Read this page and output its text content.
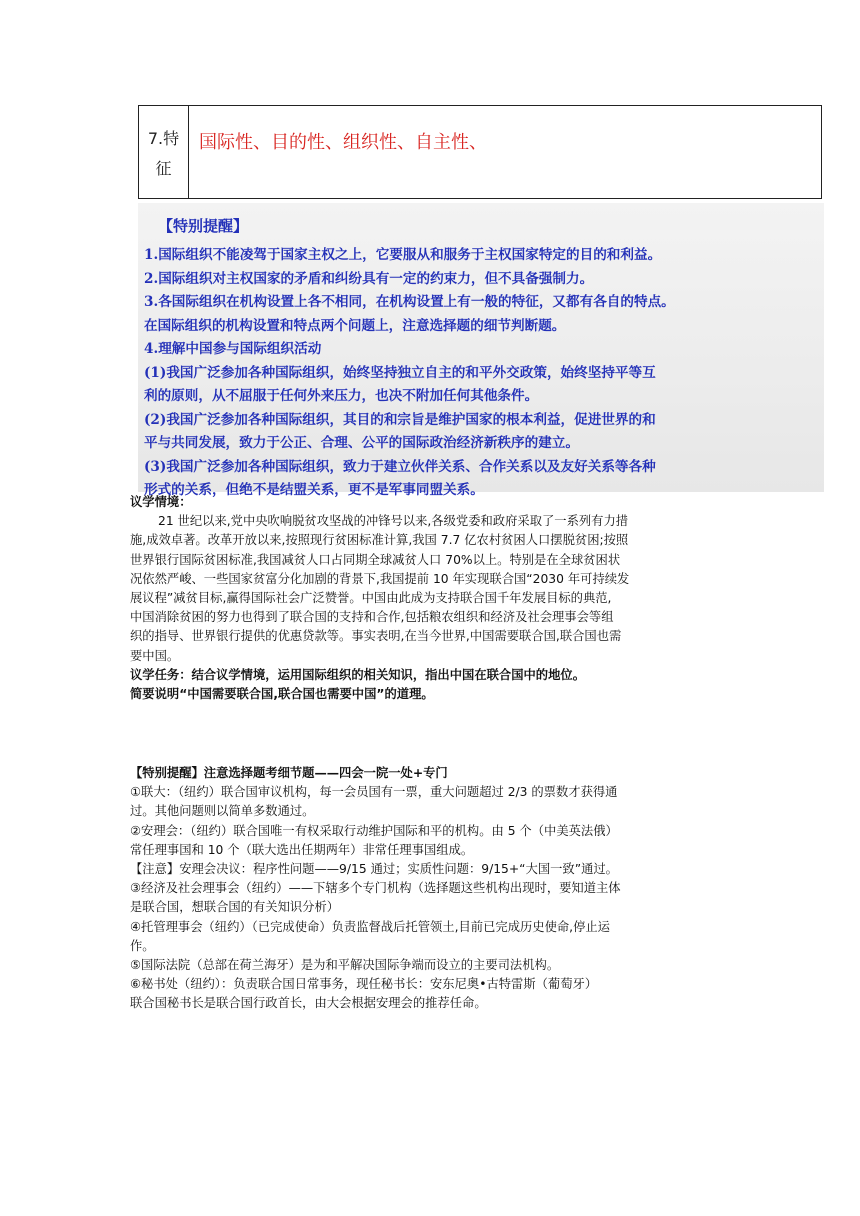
7.特
征
国际性、目的性、组织性、自主性、
【特别提醒】
1.国际组织不能凌驾于国家主权之上，它要服从和服务于主权国家特定的目的和利益。
2.国际组织对主权国家的矛盾和纠纷具有一定的约束力，但不具备强制力。
3.各国际组织在机构设置上各不相同，在机构设置上有一般的特征，又都有各自的特点。
在国际组织的机构设置和特点两个问题上，注意选择题的细节判断题。
4.理解中国参与国际组织活动
(1)我国广泛参加各种国际组织，始终坚持独立自主的和平外交政策，始终坚持平等互
利的原则，从不屈服于任何外来压力，也决不附加任何其他条件。
(2)我国广泛参加各种国际组织，其目的和宗旨是维护国家的根本利益，促进世界的和
平与共同发展，致力于公正、合理、公平的国际政治经济新秩序的建立。
(3)我国广泛参加各种国际组织，致力于建立伙伴关系、合作关系以及友好关系等各种
形式的关系，但绝不是结盟关系，更不是军事同盟关系。

议学情境：

21 世纪以来,党中央吹响脱贫攻坚战的冲锋号以来,各级党委和政府采取了一系列有力措

施,成效卓著。改革开放以来,按照现行贫困标准计算,我国 7.7 亿农村贫困人口摆脱贫困;按照

世界银行国际贫困标准,我国减贫人口占同期全球减贫人口 70%以上。特别是在全球贫困状

况依然严峻、一些国家贫富分化加剧的背景下,我国提前 10 年实现联合国“2030 年可持续发

展议程”减贫目标,赢得国际社会广泛赞誉。中国由此成为支持联合国千年发展目标的典范,

中国消除贫困的努力也得到了联合国的支持和合作,包括粮农组织和经济及社会理事会等组

织的指导、世界银行提供的优惠贷款等。事实表明,在当今世界,中国需要联合国,联合国也需

要中国。

议学任务：结合议学情境，运用国际组织的相关知识，指出中国在联合国中的地位。

简要说明“中国需要联合国,联合国也需要中国”的道理。

【特别提醒】注意选择题考细节题——四会一院一处+专门

①联大：（纽约）联合国审议机构，每一会员国有一票，重大问题超过 2/3 的票数才获得通

过。其他问题则以简单多数通过。

②安理会：（纽约）联合国唯一有权采取行动维护国际和平的机构。由 5 个（中美英法俄）

常任理事国和 10 个（联大选出任期两年）非常任理事国组成。

【注意】安理会决议：程序性问题——9/15 通过；实质性问题：9/15+“大国一致”通过。

③经济及社会理事会（纽约）——下辖多个专门机构（选择题这些机构出现时，要知道主体

是联合国，想联合国的有关知识分析）

④托管理事会（纽约）（已完成使命）负责监督战后托管领土,目前已完成历史使命,停止运

作。

⑤国际法院（总部在荷兰海牙）是为和平解决国际争端而设立的主要司法机构。

⑥秘书处（纽约）：负责联合国日常事务，现任秘书长：安东尼奥•古特雷斯（葡萄牙）

联合国秘书长是联合国行政首长，由大会根据安理会的推荐任命。
